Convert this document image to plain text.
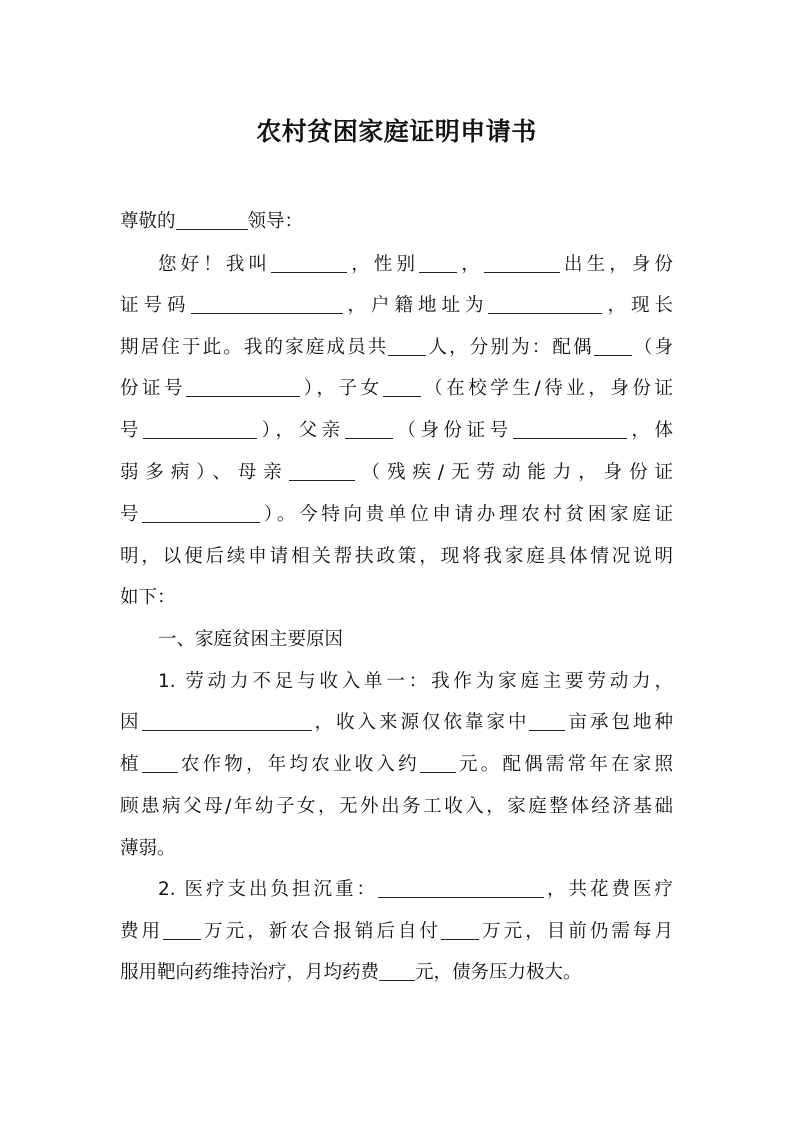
农村贫困家庭证明申请书
尊敬的	领导：
您好！我叫	，性别 ，	出生，身份
证号码	，户籍地址为	，现长
期居住于此。我的家庭成员共 人，分别为：配偶 （身
份证号	），子女 （在校学生/待业，身份证
号	），父亲	（身份证号	，体
弱多病）、母亲	（残疾/无劳动能力，身份证
号	）。今特向贵单位申请办理农村贫困家庭证
明，以便后续申请相关帮扶政策，现将我家庭具体情况说明
如下：
一、家庭贫困主要原因
1. 劳动力不足与收入单一：我作为家庭主要劳动力，
因	，收入来源仅依靠家中 亩承包地种
植 农作物，年均农业收入约 元。配偶需常年在家照
顾患病父母/年幼子女，无外出务工收入，家庭整体经济基础
薄弱。
2. 医疗支出负担沉重：	，共花费医疗
费用 万元，新农合报销后自付 万元，目前仍需每月
服用靶向药维持治疗，月均药费 元，债务压力极大。
